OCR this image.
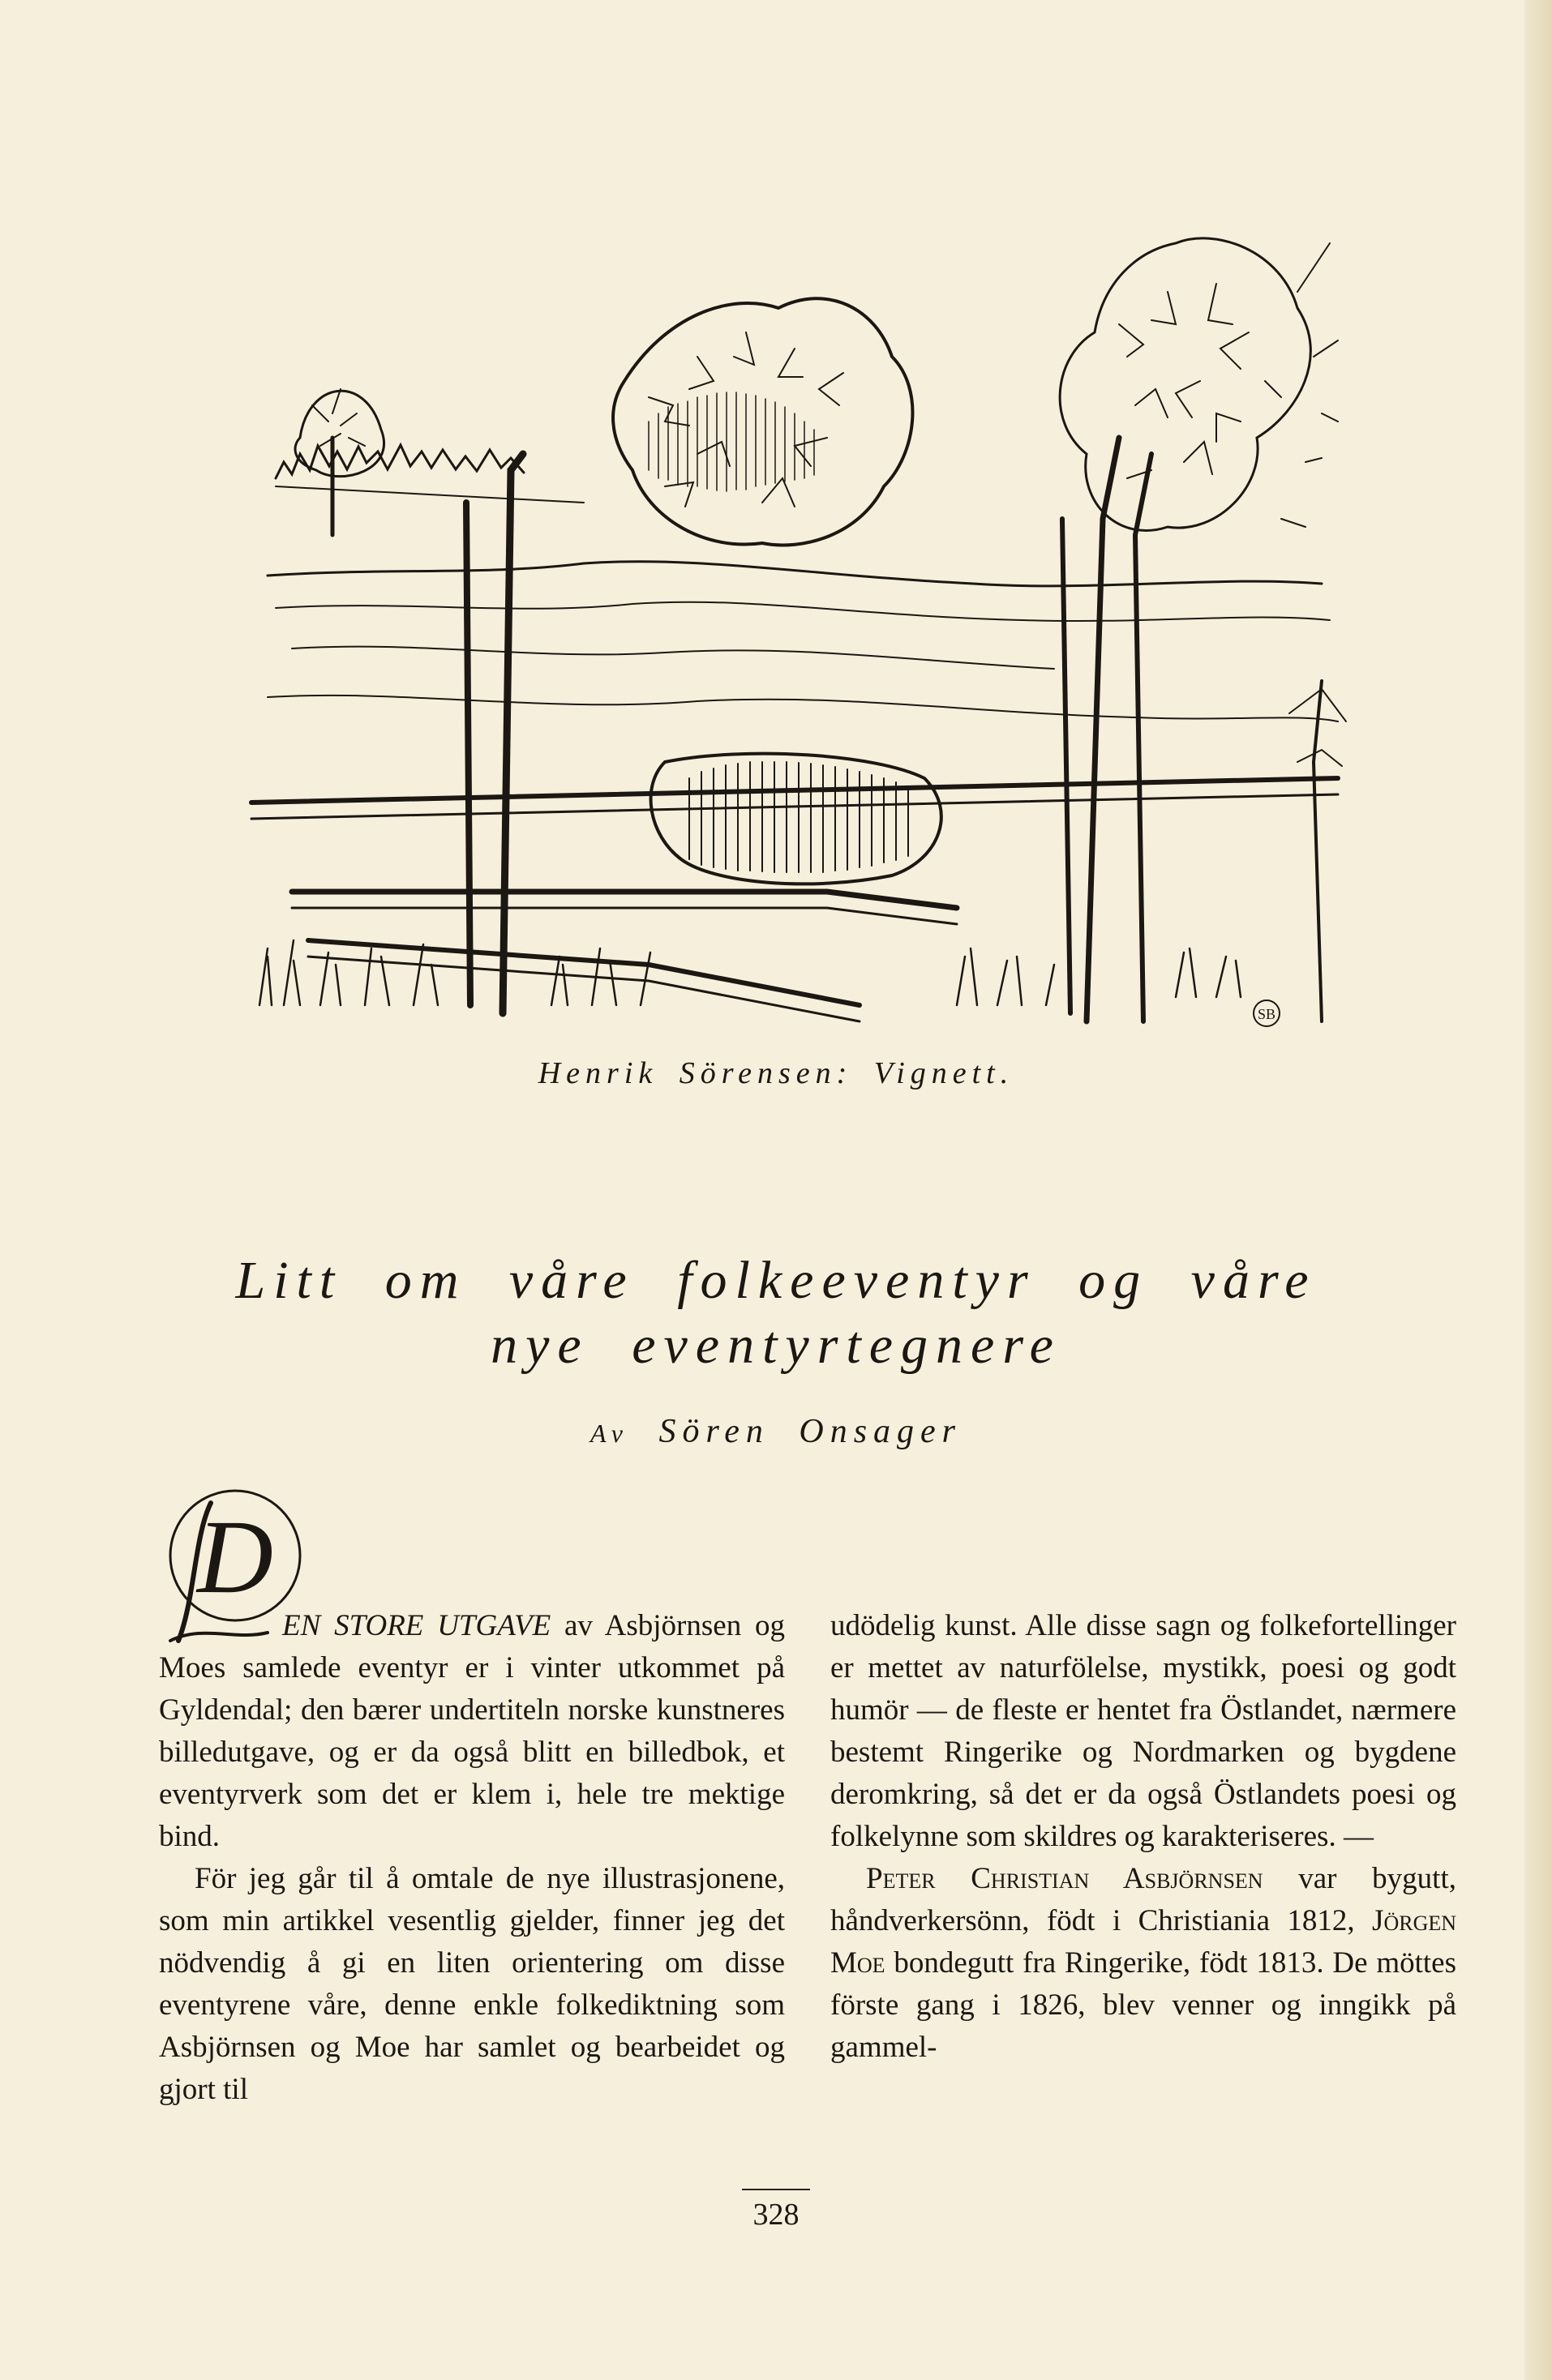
SB
Henrik Sörensen: Vignett.
Litt om våre folkeeventyr og våre
nye eventyrtegnere
Av Sören Onsager
D

EN STORE UTGAVE av Asbjörnsen og Moes samlede eventyr er i vinter utkommet på Gyldendal; den bærer undertiteln norske kunstneres billedutgave, og er da også blitt en billedbok, et eventyrverk som det er klem i, hele tre mektige bind.

För jeg går til å omtale de nye illustrasjonene, som min artikkel vesentlig gjelder, finner jeg det nödvendig å gi en liten orientering om disse eventyrene våre, denne enkle folkediktning som Asbjörnsen og Moe har samlet og bearbeidet og gjort til

udödelig kunst. Alle disse sagn og folkefortellinger er mettet av naturfölelse, mystikk, poesi og godt humör — de fleste er hentet fra Östlandet, nærmere bestemt Ringerike og Nordmarken og bygdene deromkring, så det er da også Östlandets poesi og folkelynne som skildres og karakteriseres. —

Peter Christian Asbjörnsen var bygutt, håndverkersönn, födt i Christiania 1812, Jörgen Moe bondegutt fra Ringerike, födt 1813. De möttes förste gang i 1826, blev venner og inngikk på gammel-

328
